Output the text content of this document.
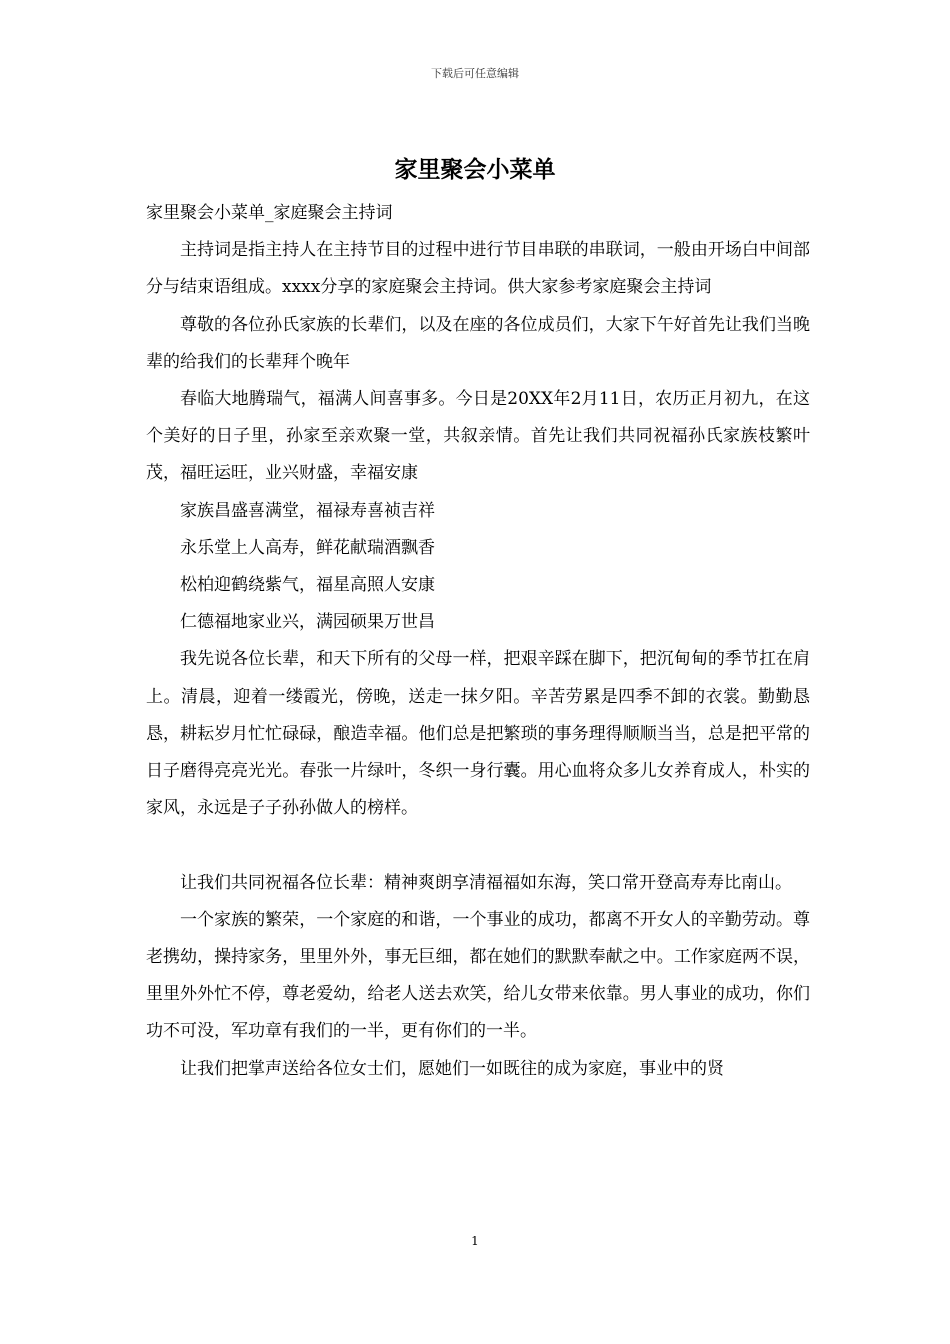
下载后可任意编辑
家里聚会小菜单

家里聚会小菜单_家庭聚会主持词

主持词是指主持人在主持节目的过程中进行节目串联的串联词，一般由开场白中间部分与结束语组成。xxxx分享的家庭聚会主持词。供大家参考家庭聚会主持词

尊敬的各位孙氏家族的长辈们，以及在座的各位成员们，大家下午好首先让我们当晚辈的给我们的长辈拜个晚年

春临大地腾瑞气，福满人间喜事多。今日是20XX年2月11日，农历正月初九，在这个美好的日子里，孙家至亲欢聚一堂，共叙亲情。首先让我们共同祝福孙氏家族枝繁叶茂，福旺运旺，业兴财盛，幸福安康

家族昌盛喜满堂，福禄寿喜祯吉祥

永乐堂上人高寿，鲜花献瑞酒飘香

松柏迎鹤绕紫气，福星高照人安康

仁德福地家业兴，满园硕果万世昌

我先说各位长辈，和天下所有的父母一样，把艰辛踩在脚下，把沉甸甸的季节扛在肩上。清晨，迎着一缕霞光，傍晚，送走一抹夕阳。辛苦劳累是四季不卸的衣裳。勤勤恳恳，耕耘岁月忙忙碌碌，酿造幸福。他们总是把繁琐的事务理得顺顺当当，总是把平常的日子磨得亮亮光光。春张一片绿叶，冬织一身行囊。用心血将众多儿女养育成人，朴实的家风，永远是子子孙孙做人的榜样。

让我们共同祝福各位长辈：精神爽朗享清福福如东海，笑口常开登高寿寿比南山。

一个家族的繁荣，一个家庭的和谐，一个事业的成功，都离不开女人的辛勤劳动。尊老携幼，操持家务，里里外外，事无巨细，都在她们的默默奉献之中。工作家庭两不误，里里外外忙不停，尊老爱幼，给老人送去欢笑，给儿女带来依靠。男人事业的成功，你们功不可没，军功章有我们的一半，更有你们的一半。

让我们把掌声送给各位女士们，愿她们一如既往的成为家庭，事业中的贤

1
